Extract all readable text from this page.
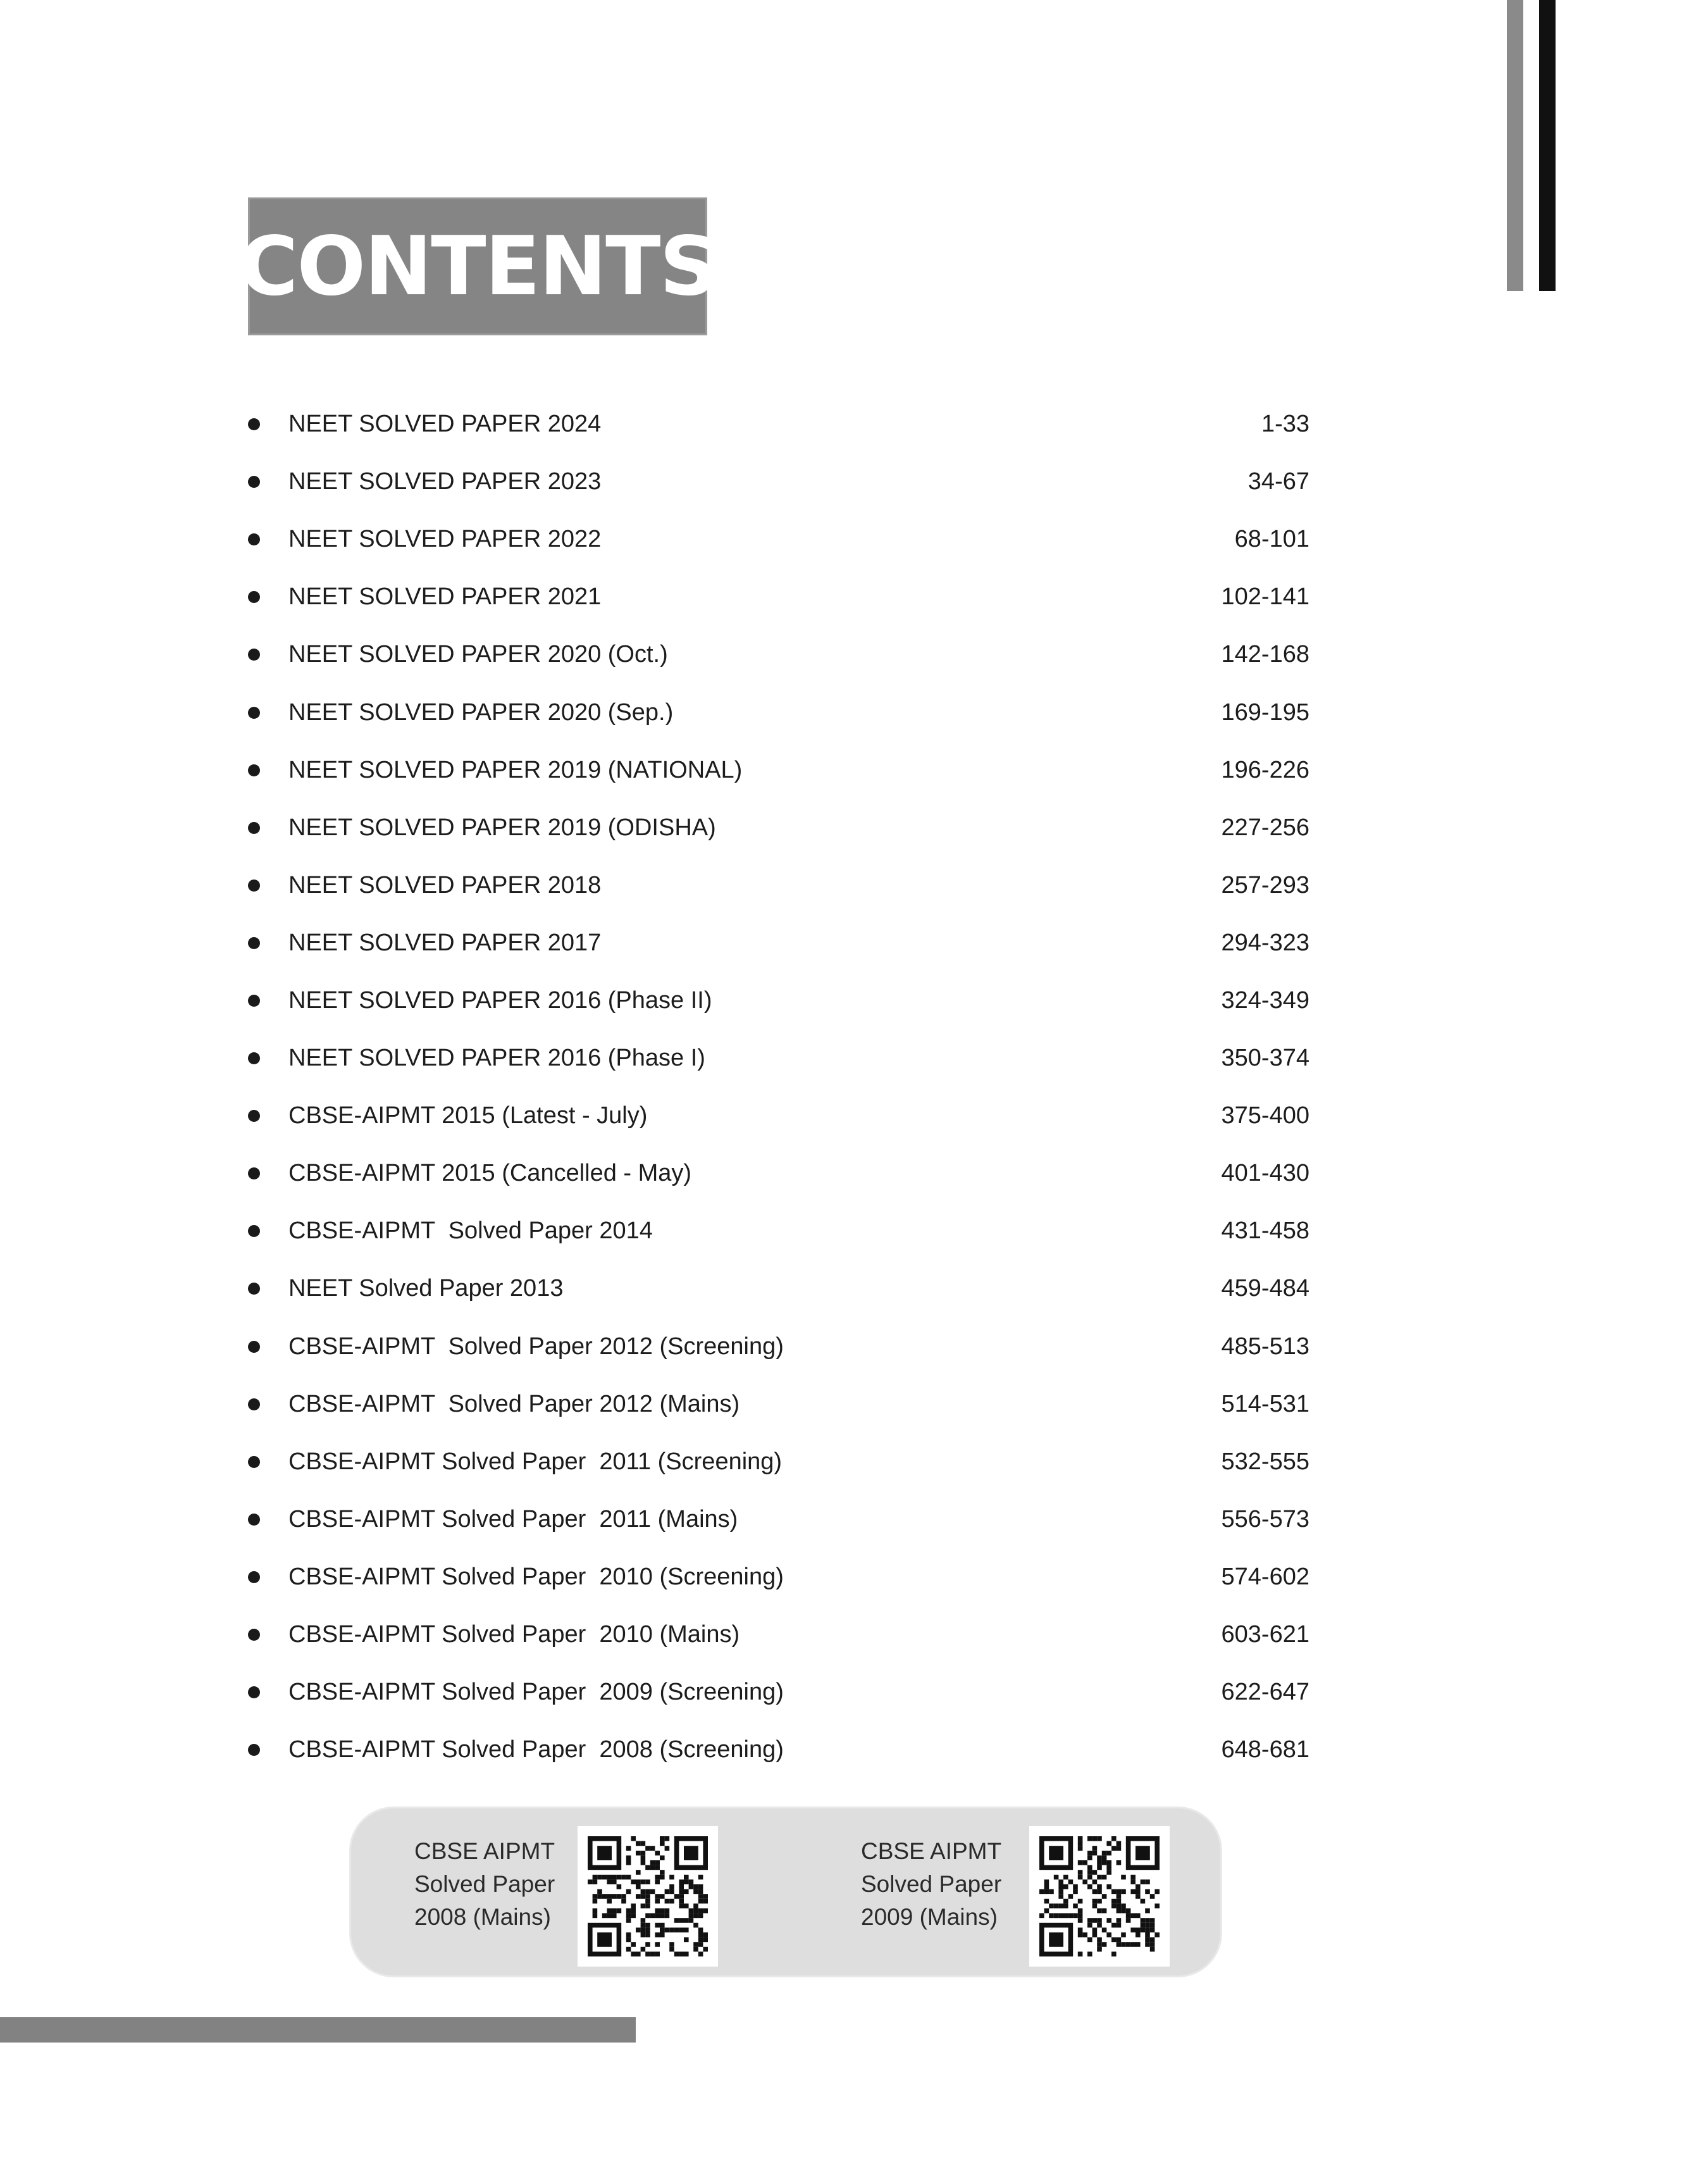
CONTENTS
NEET SOLVED PAPER 2024	1-33
NEET SOLVED PAPER 2023	34-67
NEET SOLVED PAPER 2022	68-101
NEET SOLVED PAPER 2021	102-141
NEET SOLVED PAPER 2020 (Oct.)	142-168
NEET SOLVED PAPER 2020 (Sep.)	169-195
NEET SOLVED PAPER 2019 (NATIONAL)	196-226
NEET SOLVED PAPER 2019 (ODISHA)	227-256
NEET SOLVED PAPER 2018	257-293
NEET SOLVED PAPER 2017	294-323
NEET SOLVED PAPER 2016 (Phase II)	324-349
NEET SOLVED PAPER 2016 (Phase I)	350-374
CBSE-AIPMT 2015 (Latest - July)	375-400
CBSE-AIPMT 2015 (Cancelled - May)	401-430
CBSE-AIPMT  Solved Paper 2014	431-458
NEET Solved Paper 2013	459-484
CBSE-AIPMT  Solved Paper 2012 (Screening)	485-513
CBSE-AIPMT  Solved Paper 2012 (Mains)	514-531
CBSE-AIPMT Solved Paper  2011 (Screening)	532-555
CBSE-AIPMT Solved Paper  2011 (Mains)	556-573
CBSE-AIPMT Solved Paper  2010 (Screening)	574-602
CBSE-AIPMT Solved Paper  2010 (Mains)	603-621
CBSE-AIPMT Solved Paper  2009 (Screening)	622-647
CBSE-AIPMT Solved Paper  2008 (Screening)	648-681
CBSE AIPMT
Solved Paper
2008 (Mains)
CBSE AIPMT
Solved Paper
2009 (Mains)
